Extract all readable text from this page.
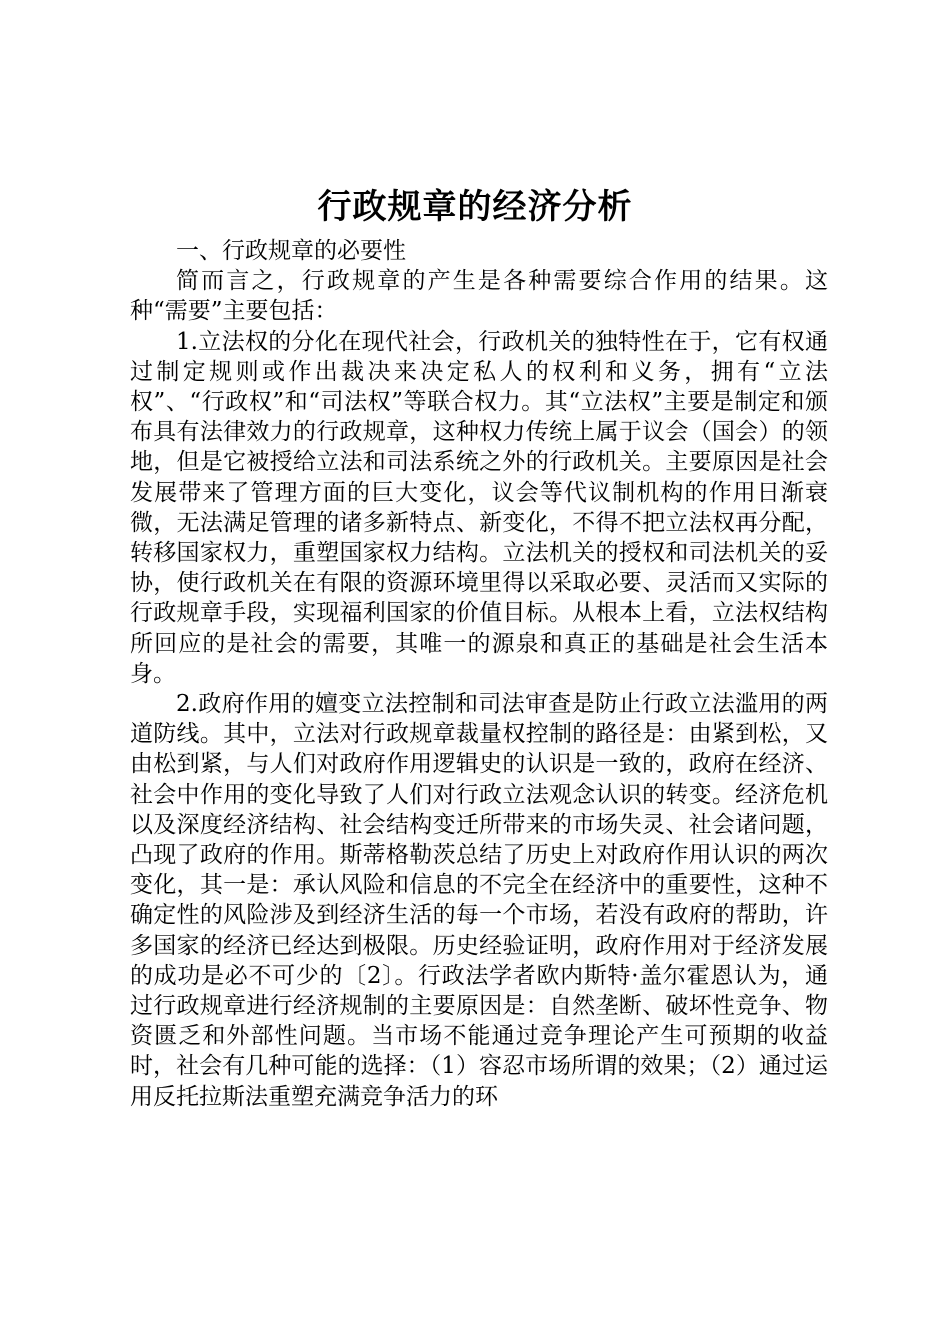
行政规章的经济分析

一、行政规章的必要性

简而言之，行政规章的产生是各种需要综合作用的结果。这种“需要”主要包括：

1.立法权的分化在现代社会，行政机关的独特性在于，它有权通过制定规则或作出裁决来决定私人的权利和义务，拥有“立法权”、“行政权”和“司法权”等联合权力。其“立法权”主要是制定和颁布具有法律效力的行政规章，这种权力传统上属于议会（国会）的领地，但是它被授给立法和司法系统之外的行政机关。主要原因是社会发展带来了管理方面的巨大变化，议会等代议制机构的作用日渐衰微，无法满足管理的诸多新特点、新变化，不得不把立法权再分配，转移国家权力，重塑国家权力结构。立法机关的授权和司法机关的妥协，使行政机关在有限的资源环境里得以采取必要、灵活而又实际的行政规章手段，实现福利国家的价值目标。从根本上看，立法权结构所回应的是社会的需要，其唯一的源泉和真正的基础是社会生活本身。

2.政府作用的嬗变立法控制和司法审查是防止行政立法滥用的两道防线。其中，立法对行政规章裁量权控制的路径是：由紧到松，又由松到紧，与人们对政府作用逻辑史的认识是一致的，政府在经济、社会中作用的变化导致了人们对行政立法观念认识的转变。经济危机以及深度经济结构、社会结构变迁所带来的市场失灵、社会诸问题，凸现了政府的作用。斯蒂格勒茨总结了历史上对政府作用认识的两次变化，其一是：承认风险和信息的不完全在经济中的重要性，这种不确定性的风险涉及到经济生活的每一个市场，若没有政府的帮助，许多国家的经济已经达到极限。历史经验证明，政府作用对于经济发展的成功是必不可少的〔2〕。行政法学者欧内斯特·盖尔霍恩认为，通过行政规章进行经济规制的主要原因是：自然垄断、破坏性竞争、物资匮乏和外部性问题。当市场不能通过竞争理论产生可预期的收益时，社会有几种可能的选择：（1）容忍市场所谓的效果；（2）通过运用反托拉斯法重塑充满竞争活力的环
